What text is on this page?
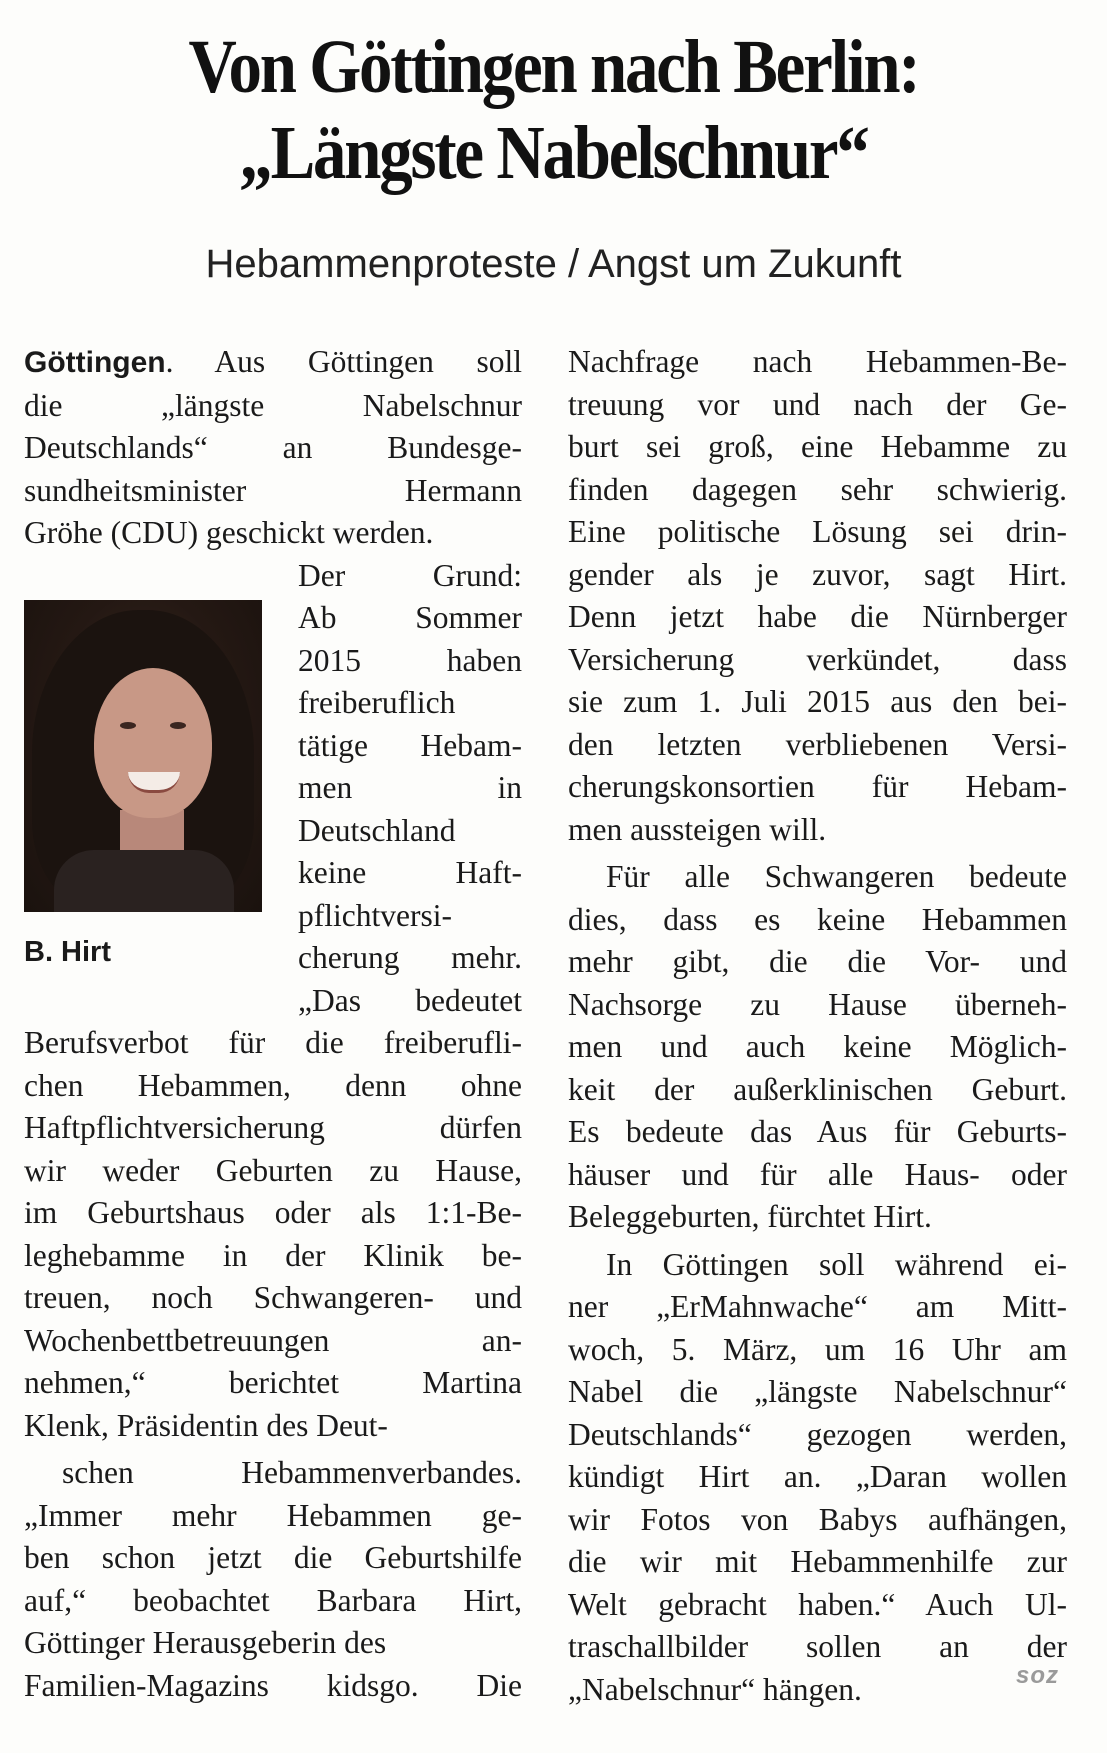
Von Göttingen nach Berlin:
„Längste Nabelschnur“
Hebammenproteste / Angst um Zukunft
Göttingen. Aus Göttingen soll
die „längste Nabelschnur
Deutschlands“ an Bundesge-
sundheitsminister Hermann
Gröhe (CDU) geschickt werden.
Der Grund:
Ab Sommer
2015 haben
freiberuflich
tätige Hebam-
men in
Deutschland
keine Haft-
pflichtversi-
cherung mehr.
„Das bedeutet
Berufsverbot für die freiberufli-
chen Hebammen, denn ohne
Haftpflichtversicherung dürfen
wir weder Geburten zu Hause,
im Geburtshaus oder als 1:1-Be-
leghebamme in der Klinik be-
treuen, noch Schwangeren- und
Wochenbettbetreuungen an-
nehmen,“ berichtet Martina
Klenk, Präsidentin des Deut-
schen Hebammenverbandes.
„Immer mehr Hebammen ge-
ben schon jetzt die Geburtshilfe
auf,“ beobachtet Barbara Hirt,
Göttinger Herausgeberin des
Familien-Magazins kidsgo. Die
B. Hirt
Nachfrage nach Hebammen-Be-
treuung vor und nach der Ge-
burt sei groß, eine Hebamme zu
finden dagegen sehr schwierig.
Eine politische Lösung sei drin-
gender als je zuvor, sagt Hirt.
Denn jetzt habe die Nürnberger
Versicherung verkündet, dass
sie zum 1. Juli 2015 aus den bei-
den letzten verbliebenen Versi-
cherungskonsortien für Hebam-
men aussteigen will.
Für alle Schwangeren bedeute
dies, dass es keine Hebammen
mehr gibt, die die Vor- und
Nachsorge zu Hause überneh-
men und auch keine Möglich-
keit der außerklinischen Geburt.
Es bedeute das Aus für Geburts-
häuser und für alle Haus- oder
Beleggeburten, fürchtet Hirt.
In Göttingen soll während ei-
ner „ErMahnwache“ am Mitt-
woch, 5. März, um 16 Uhr am
Nabel die „längste Nabelschnur“
Deutschlands“ gezogen werden,
kündigt Hirt an. „Daran wollen
wir Fotos von Babys aufhängen,
die wir mit Hebammenhilfe zur
Welt gebracht haben.“ Auch Ul-
traschallbilder sollen an der
„Nabelschnur“ hängen.	soz
